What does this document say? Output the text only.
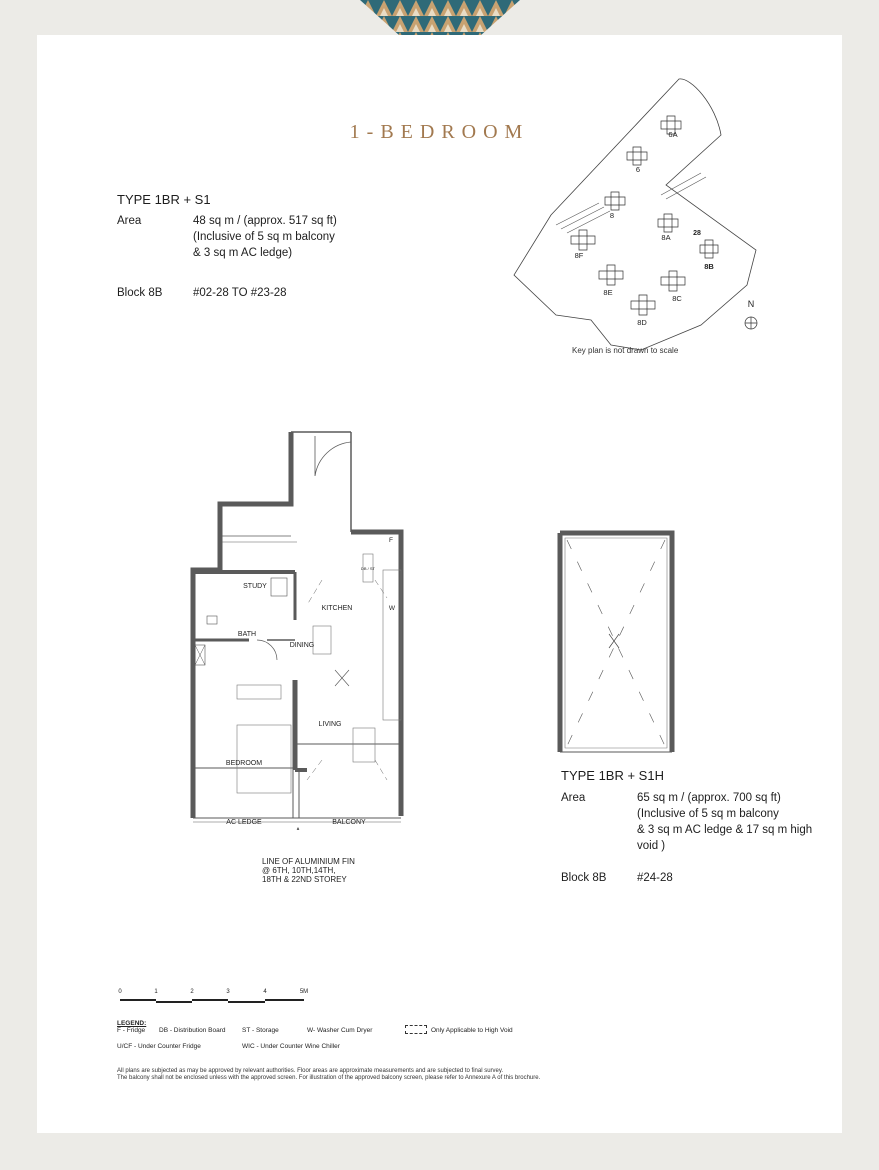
1-BEDROOM
TYPE 1BR + S1
Area	48 sq m / (approx. 517 sq ft)
(Inclusive of 5 sq m balcony
& 3 sq m AC ledge)

Block 8B	#02-28 TO #23-28
6A
6
8
8A
8F
8B
8E
8C
8D
28
N
Key plan is not drawn to scale
STUDY
KITCHEN
BATH
DINING
LIVING
BEDROOM
AC LEDGE	BALCONY
F
W
DB / ST
LINE OF ALUMINIUM FIN
@ 6TH, 10TH,14TH,
18TH & 22ND STOREY
TYPE 1BR + S1H
Area	65 sq m / (approx. 700 sq ft)
(Inclusive of 5 sq m balcony
& 3 sq m AC ledge & 17 sq m high
void )

Block 8B	#24-28
0	1	2	3	4	5M
LEGEND:
F - Fridge DB - Distribution Board	ST - Storage	W- Washer Cum Dryer	Only Applicable to High Void
U/CF - Under Counter Fridge	WIC - Under Counter Wine Chiller
All plans are subjected as may be approved by relevant authorities. Floor areas are approximate measurements and are subjected to final survey.
The balcony shall not be enclosed unless with the approved screen. For illustration of the approved balcony screen, please refer to Annexure A of this brochure.
